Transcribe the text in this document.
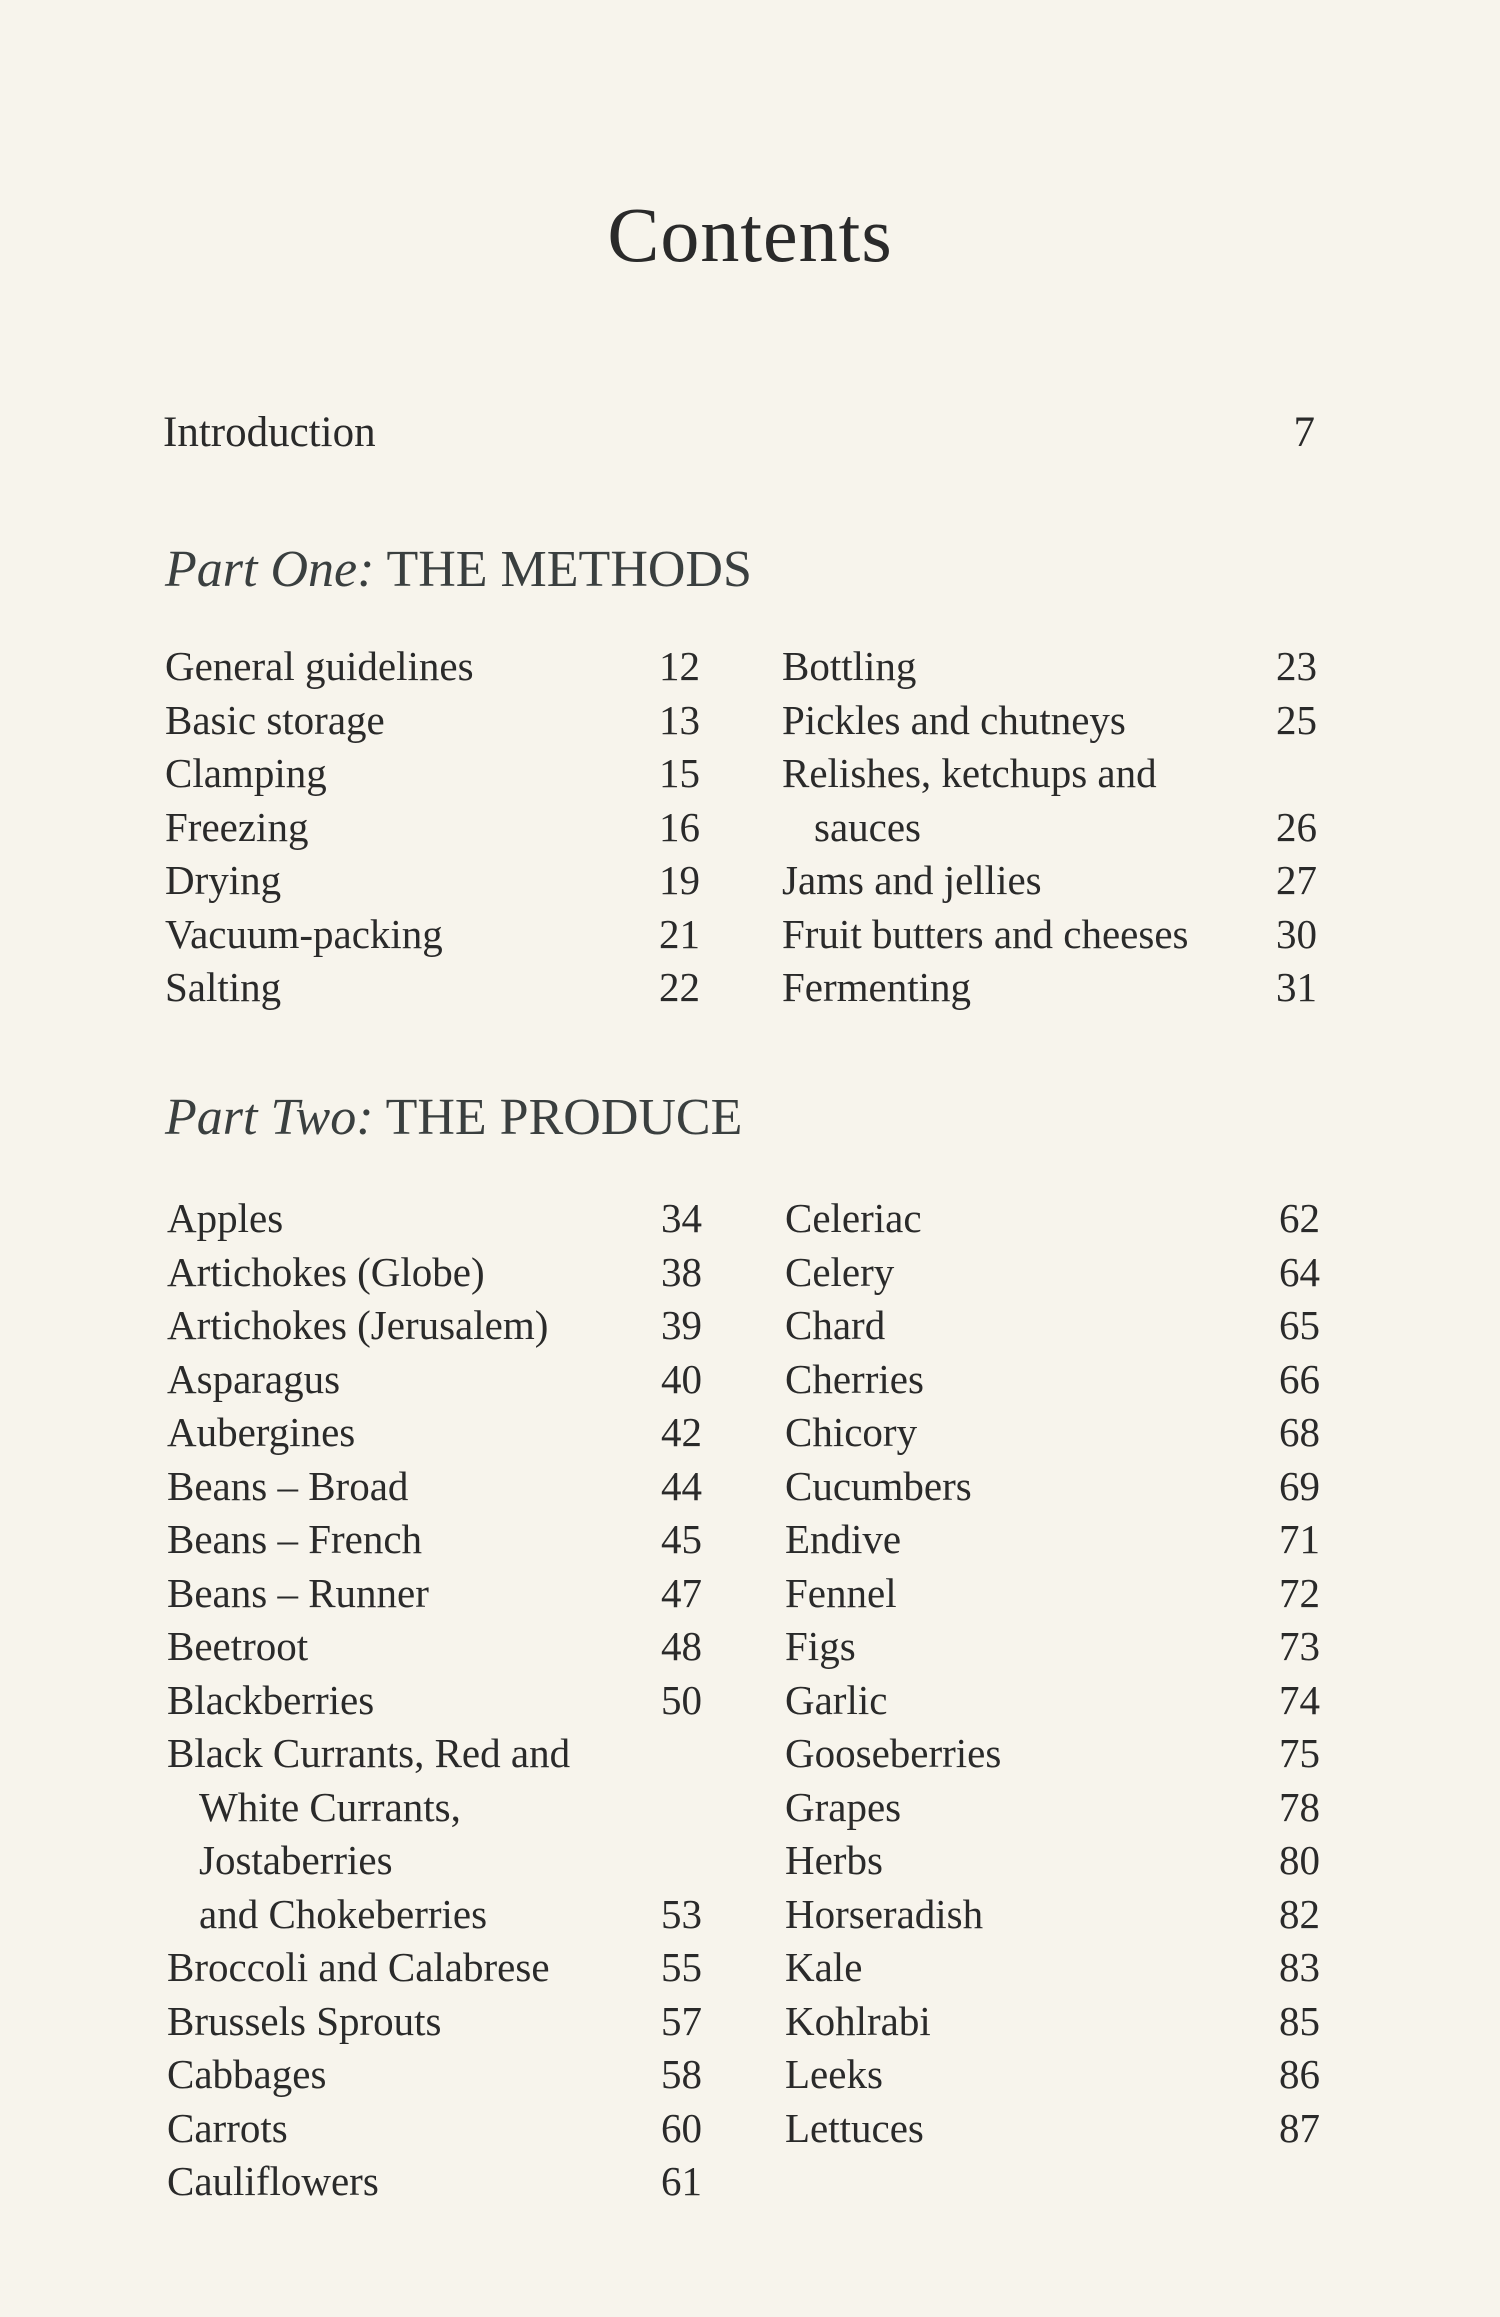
Contents
Introduction	7
Part One: THE METHODS
General guidelines	12
Basic storage	13
Clamping	15
Freezing	16
Drying	19
Vacuum-packing	21
Salting	22
Bottling	23
Pickles and chutneys	25
Relishes, ketchups and
sauces	26
Jams and jellies	27
Fruit butters and cheeses	30
Fermenting	31
Part Two: THE PRODUCE
Apples	34
Artichokes (Globe)	38
Artichokes (Jerusalem)	39
Asparagus	40
Aubergines	42
Beans – Broad	44
Beans – French	45
Beans – Runner	47
Beetroot	48
Blackberries	50
Black Currants, Red and
White Currants, Jostaberries
and Chokeberries	53
Broccoli and Calabrese	55
Brussels Sprouts	57
Cabbages	58
Carrots	60
Cauliflowers	61
Celeriac	62
Celery	64
Chard	65
Cherries	66
Chicory	68
Cucumbers	69
Endive	71
Fennel	72
Figs	73
Garlic	74
Gooseberries	75
Grapes	78
Herbs	80
Horseradish	82
Kale	83
Kohlrabi	85
Leeks	86
Lettuces	87
